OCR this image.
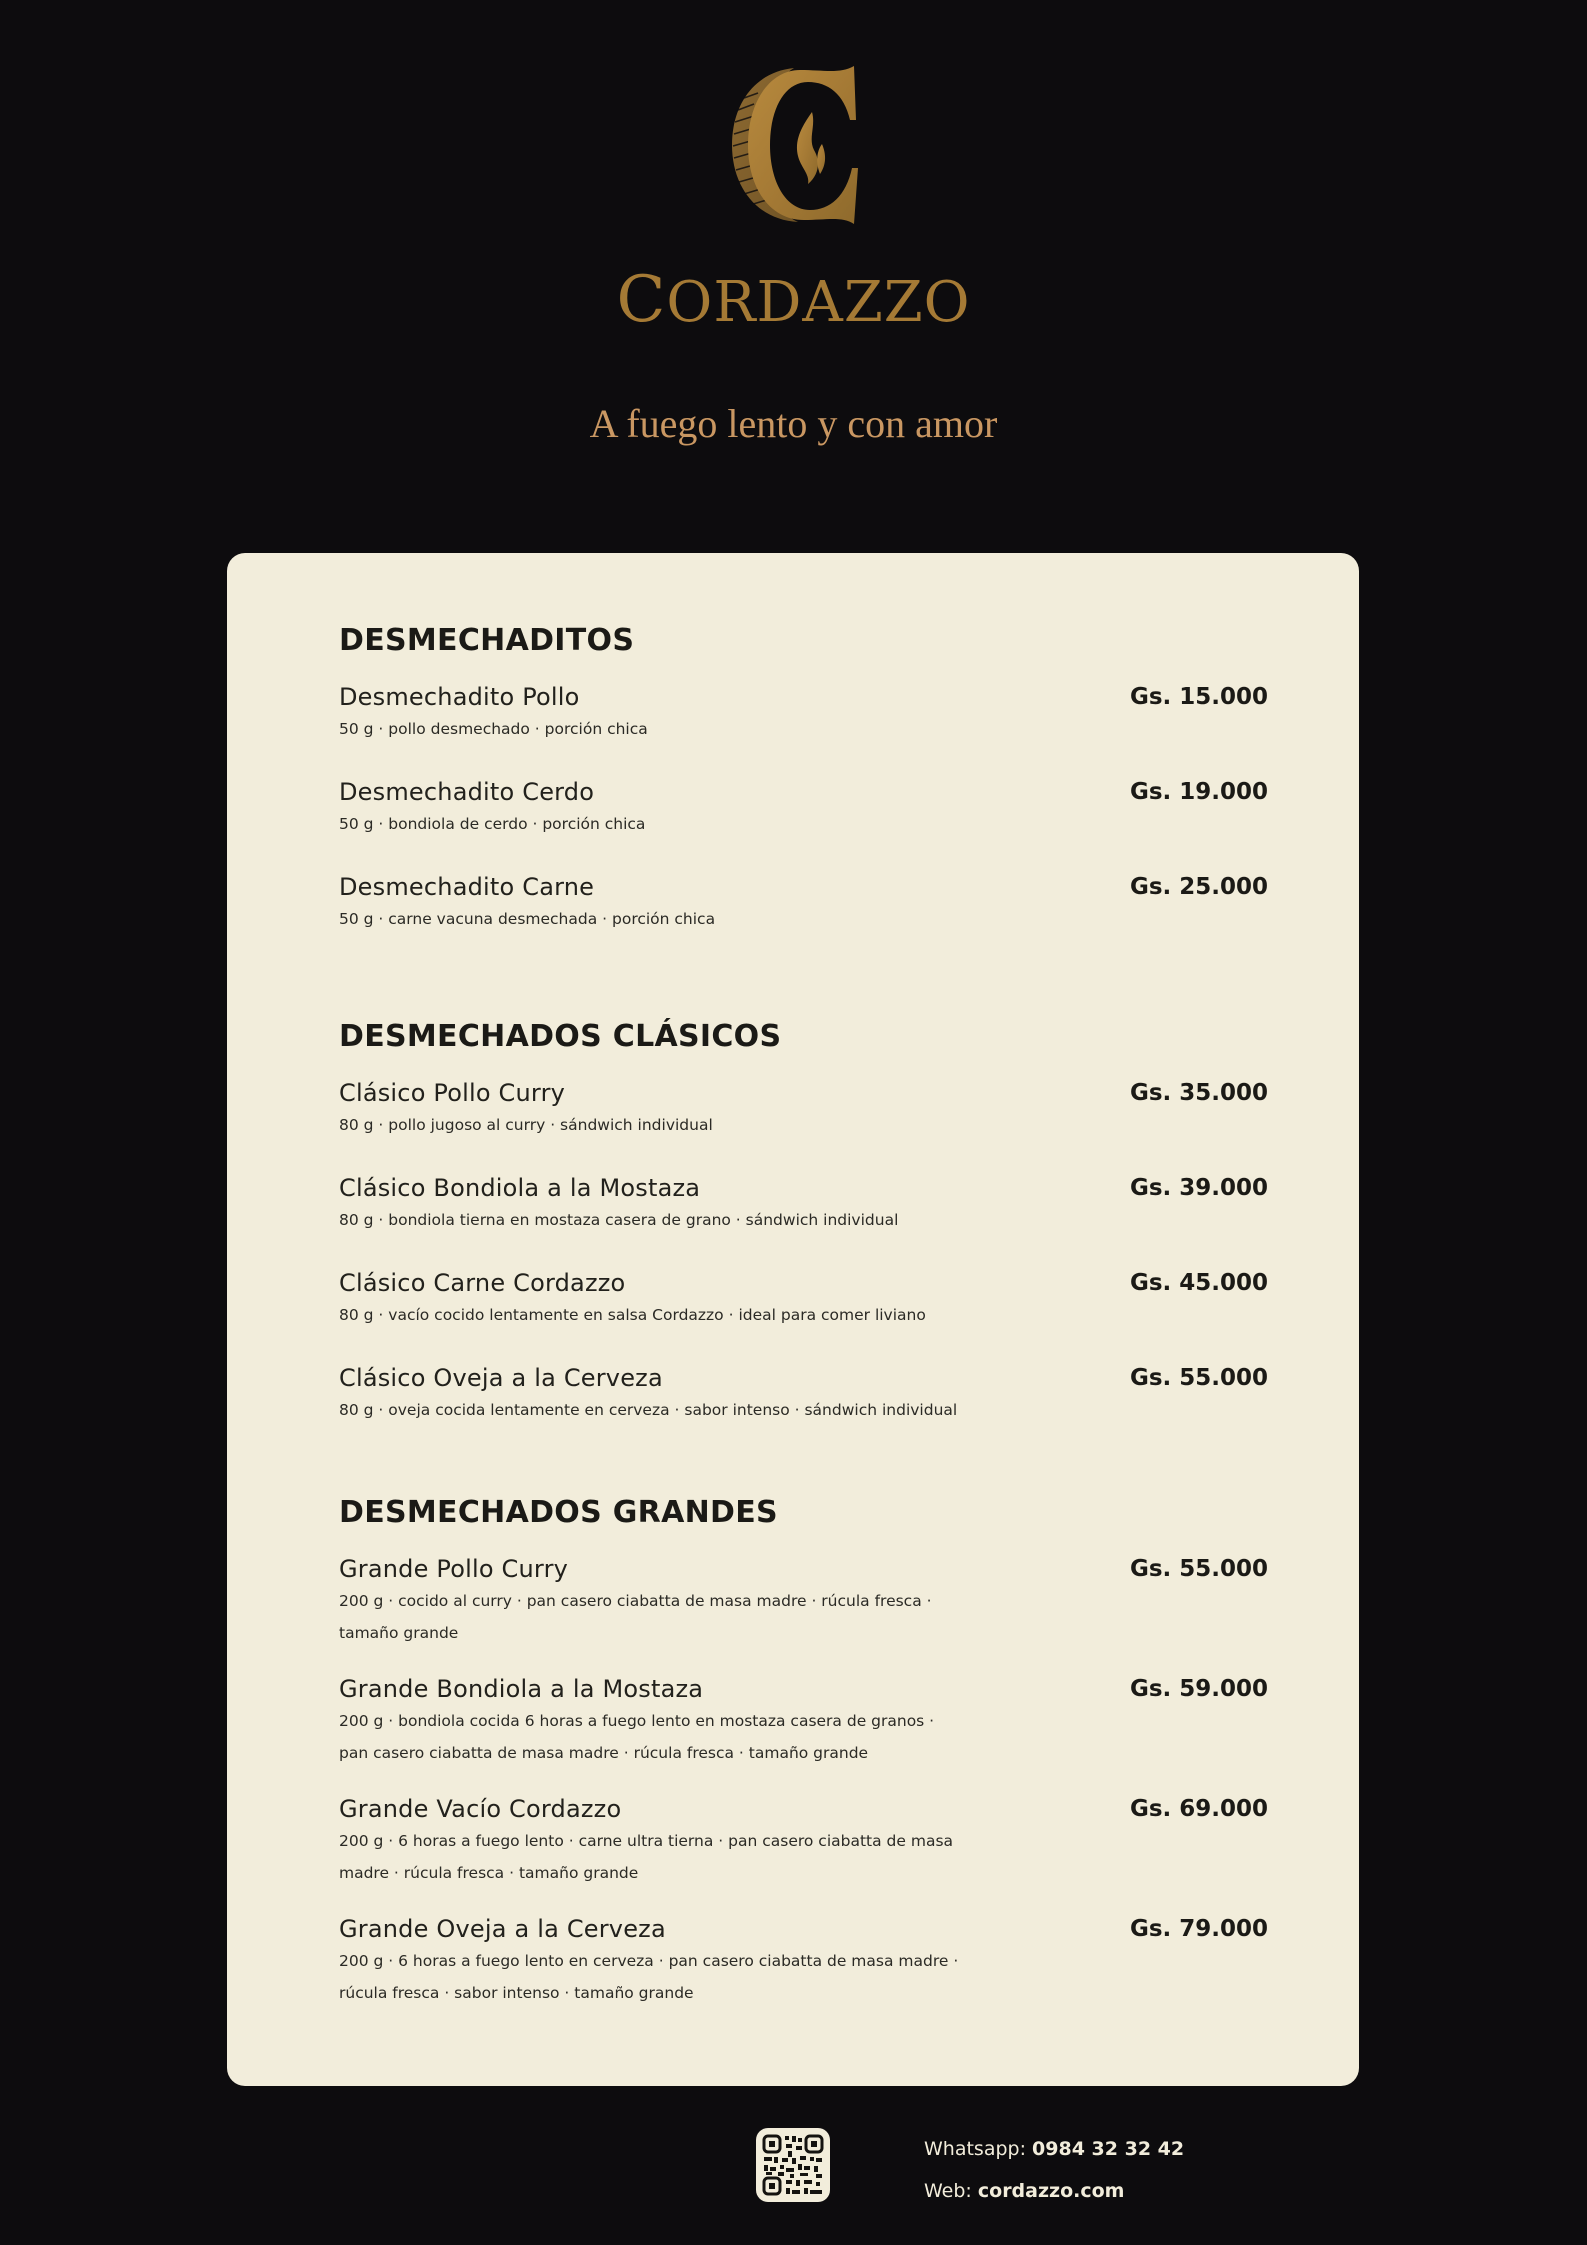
CORDAZZO
A fuego lento y con amor
DESMECHADITOS
Desmechadito Pollo
50 g · pollo desmechado · porción chica
Gs. 15.000
Desmechadito Cerdo
50 g · bondiola de cerdo · porción chica
Gs. 19.000
Desmechadito Carne
50 g · carne vacuna desmechada · porción chica
Gs. 25.000
DESMECHADOS CLÁSICOS
Clásico Pollo Curry
80 g · pollo jugoso al curry · sándwich individual
Gs. 35.000
Clásico Bondiola a la Mostaza
80 g · bondiola tierna en mostaza casera de grano · sándwich individual
Gs. 39.000
Clásico Carne Cordazzo
80 g · vacío cocido lentamente en salsa Cordazzo · ideal para comer liviano
Gs. 45.000
Clásico Oveja a la Cerveza
80 g · oveja cocida lentamente en cerveza · sabor intenso · sándwich individual
Gs. 55.000
DESMECHADOS GRANDES
Grande Pollo Curry
200 g · cocido al curry · pan casero ciabatta de masa madre · rúcula fresca · tamaño grande
Gs. 55.000
Grande Bondiola a la Mostaza
200 g · bondiola cocida 6 horas a fuego lento en mostaza casera de granos · pan casero ciabatta de masa madre · rúcula fresca · tamaño grande
Gs. 59.000
Grande Vacío Cordazzo
200 g · 6 horas a fuego lento · carne ultra tierna · pan casero ciabatta de masa madre · rúcula fresca · tamaño grande
Gs. 69.000
Grande Oveja a la Cerveza
200 g · 6 horas a fuego lento en cerveza · pan casero ciabatta de masa madre · rúcula fresca · sabor intenso · tamaño grande
Gs. 79.000
Whatsapp: 0984 32 32 42
Web: cordazzo.com
